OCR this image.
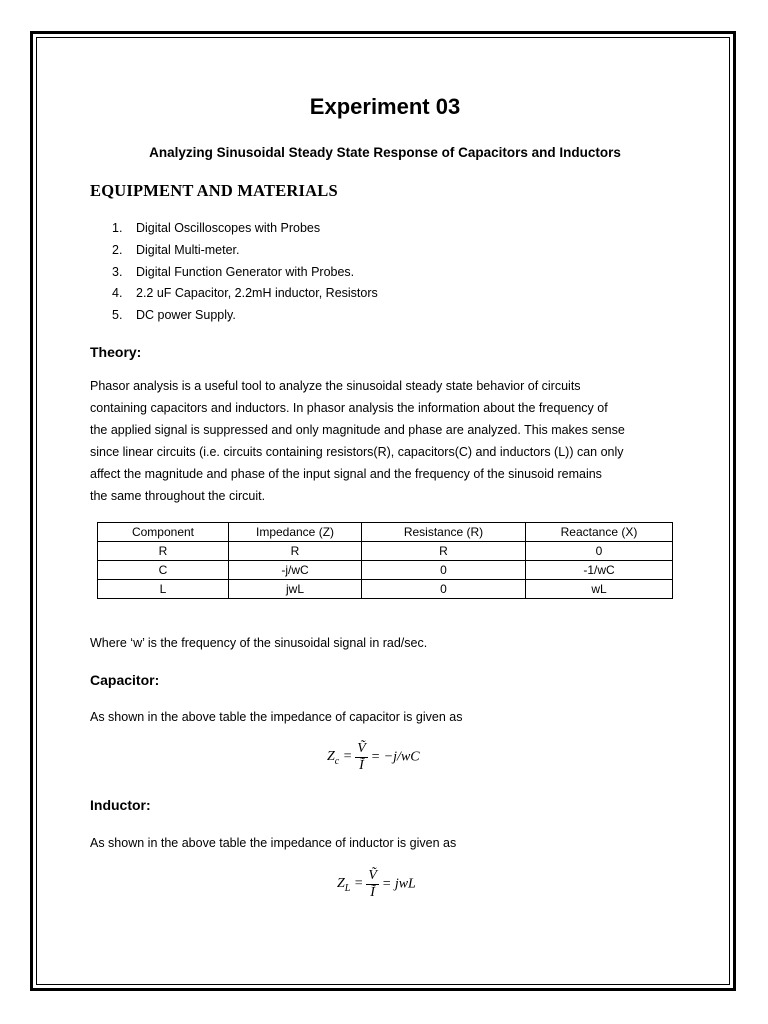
Experiment 03
Analyzing Sinusoidal Steady State Response of Capacitors and Inductors
EQUIPMENT AND MATERIALS
1. Digital Oscilloscopes with Probes
2. Digital Multi-meter.
3. Digital Function Generator with Probes.
4. 2.2 uF Capacitor, 2.2mH inductor, Resistors
5. DC power Supply.
Theory:
Phasor analysis is a useful tool to analyze the sinusoidal steady state behavior of circuits
containing capacitors and inductors. In phasor analysis the information about the frequency of
the applied signal is suppressed and only magnitude and phase are analyzed. This makes sense
since linear circuits (i.e. circuits containing resistors(R), capacitors(C) and inductors (L)) can only
affect the magnitude and phase of the input signal and the frequency of the sinusoid remains
the same throughout the circuit.
Component	Impedance (Z)	Resistance (R)	Reactance (X)
R	R	R	0
C	-j/wC	0	-1/wC
L	jwL	0	wL
Where ‘w’ is the frequency of the sinusoidal signal in rad/sec.
Capacitor:
As shown in the above table the impedance of capacitor is given as
$Z_c = \frac{\text{Ṽ}}{Ĩ} = -j/wC$
Inductor:
As shown in the above table the impedance of inductor is given as
$Z_L = \frac{\text{Ṽ}}{Ĩ}$ = jwL
